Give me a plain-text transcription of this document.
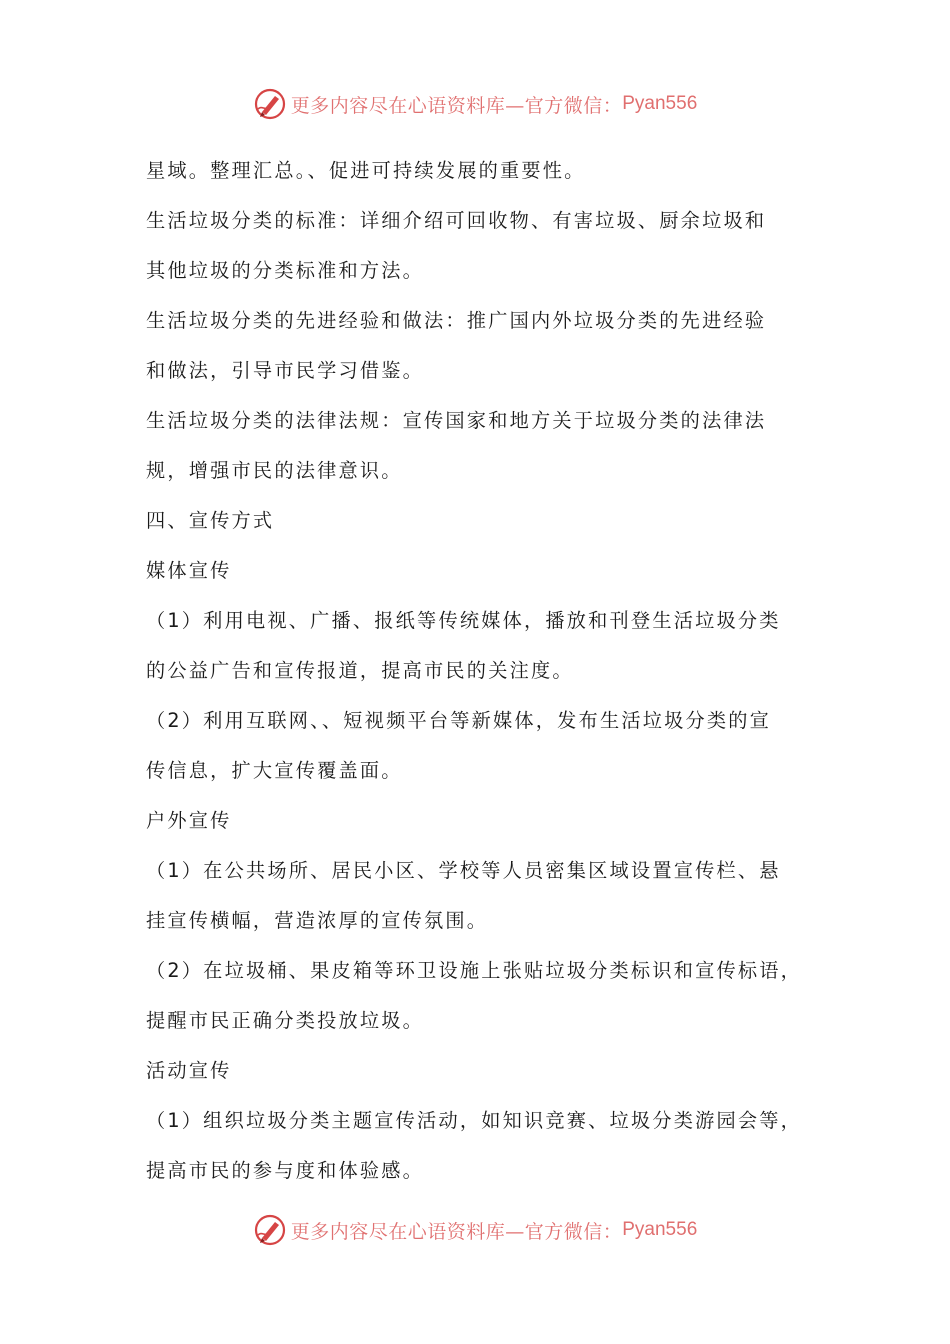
更多内容尽在心语资料库—官方微信： Pyan556
星域。整理汇总。、促进可持续发展的重要性。
生活垃圾分类的标准：详细介绍可回收物、有害垃圾、厨余垃圾和
其他垃圾的分类标准和方法。
生活垃圾分类的先进经验和做法：推广国内外垃圾分类的先进经验
和做法，引导市民学习借鉴。
生活垃圾分类的法律法规：宣传国家和地方关于垃圾分类的法律法
规，增强市民的法律意识。
四、宣传方式
媒体宣传
（1）利用电视、广播、报纸等传统媒体，播放和刊登生活垃圾分类
的公益广告和宣传报道，提高市民的关注度。
（2）利用互联网、、短视频平台等新媒体，发布生活垃圾分类的宣
传信息，扩大宣传覆盖面。
户外宣传
（1）在公共场所、居民小区、学校等人员密集区域设置宣传栏、悬
挂宣传横幅，营造浓厚的宣传氛围。
（2）在垃圾桶、果皮箱等环卫设施上张贴垃圾分类标识和宣传标语，
提醒市民正确分类投放垃圾。
活动宣传
（1）组织垃圾分类主题宣传活动，如知识竞赛、垃圾分类游园会等，
提高市民的参与度和体验感。
更多内容尽在心语资料库—官方微信： Pyan556
